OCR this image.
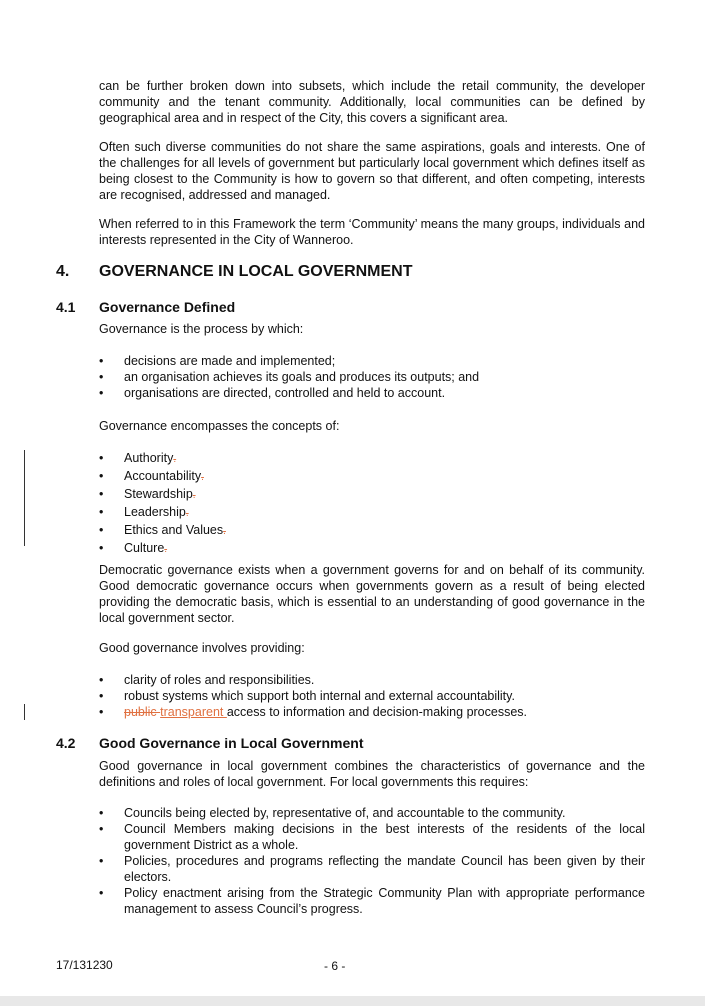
can be further broken down into subsets, which include the retail community, the developer community and the tenant community. Additionally, local communities can be defined by geographical area and in respect of the City, this covers a significant area.

Often such diverse communities do not share the same aspirations, goals and interests. One of the challenges for all levels of government but particularly local government which defines itself as being closest to the Community is how to govern so that different, and often competing, interests are recognised, addressed and managed.

When referred to in this Framework the term ‘Community’ means the many groups, individuals and interests represented in the City of Wanneroo.

4. GOVERNANCE IN LOCAL GOVERNMENT
4.1 Governance Defined

Governance is the process by which:

•	decisions are made and implemented;
•	an organisation achieves its goals and produces its outputs; and
•	organisations are directed, controlled and held to account.

Governance encompasses the concepts of:

•	Authority.
•	Accountability.
•	Stewardship.
•	Leadership.
•	Ethics and Values.
•	Culture.

Democratic governance exists when a government governs for and on behalf of its community. Good democratic governance occurs when governments govern as a result of being elected providing the democratic basis, which is essential to an understanding of good governance in the local government sector.

Good governance involves providing:

•	clarity of roles and responsibilities.
•	robust systems which support both internal and external accountability.
•	public transparent access to information and decision-making processes.
4.2 Good Governance in Local Government

Good governance in local government combines the characteristics of governance and the definitions and roles of local government. For local governments this requires:

•	Councils being elected by, representative of, and accountable to the community.
•	Council Members making decisions in the best interests of the residents of the local government District as a whole.
•	Policies, procedures and programs reflecting the mandate Council has been given by their electors.
•	Policy enactment arising from the Strategic Community Plan with appropriate performance management to assess Council’s progress.
17/131230	- 6 -
